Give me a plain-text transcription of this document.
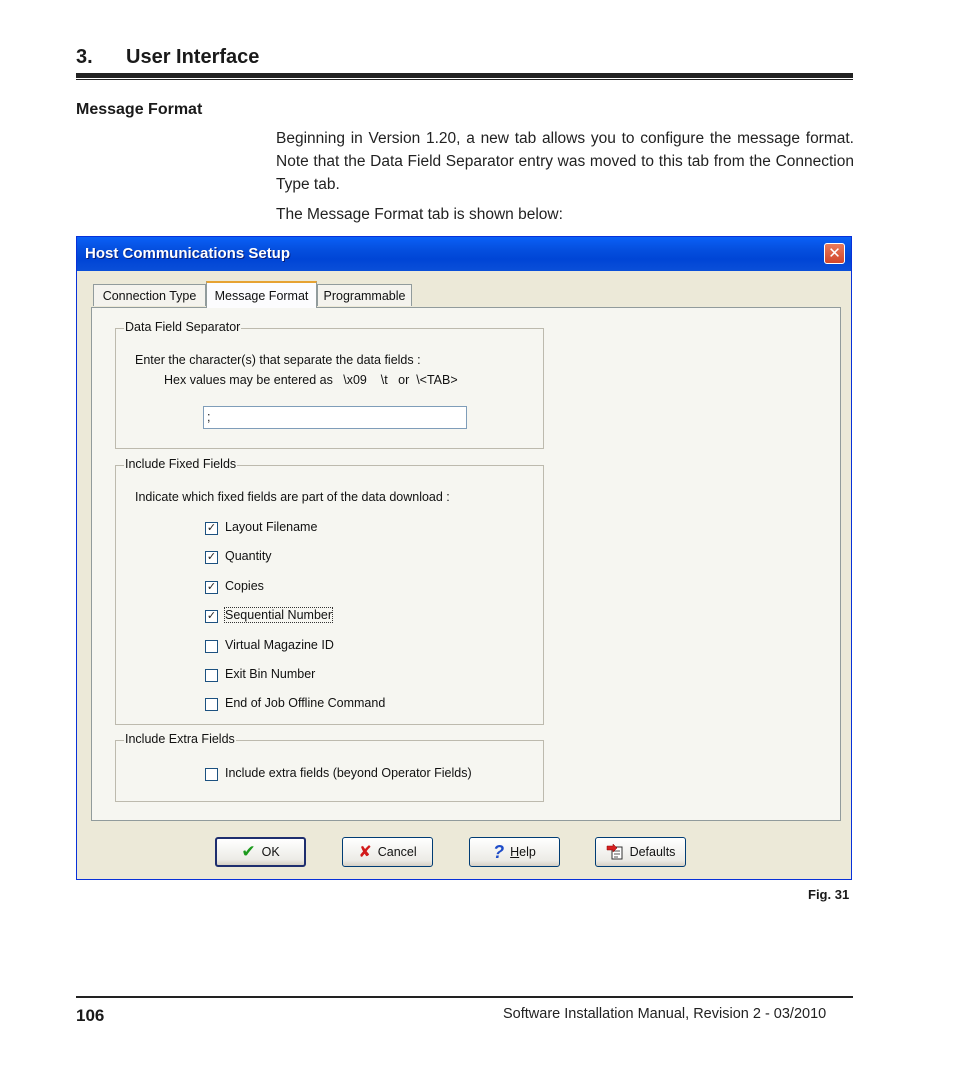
3. User Interface
Message Format
Beginning in Version 1.20, a new tab allows you to configure the message format. Note that the Data Field Separator entry was moved to this tab from the Connection Type tab.
The Message Format tab is shown below:
Host Communications Setup	✕
Connection Type	Message Format	Programmable
Data Field Separator
Enter the character(s) that separate the data fields :
Hex values may be entered as   \x09    \t   or  \<TAB>
;
Include Fixed Fields
Indicate which fixed fields are part of the data download :
✓ Layout Filename
✓ Quantity
✓ Copies
✓ Sequential Number
Virtual Magazine ID
Exit Bin Number
End of Job Offline Command
Include Extra Fields
Include extra fields (beyond Operator Fields)
✔ OK	✘ Cancel	? Help	Defaults
Fig. 31
106	Software Installation Manual, Revision 2 - 03/2010
